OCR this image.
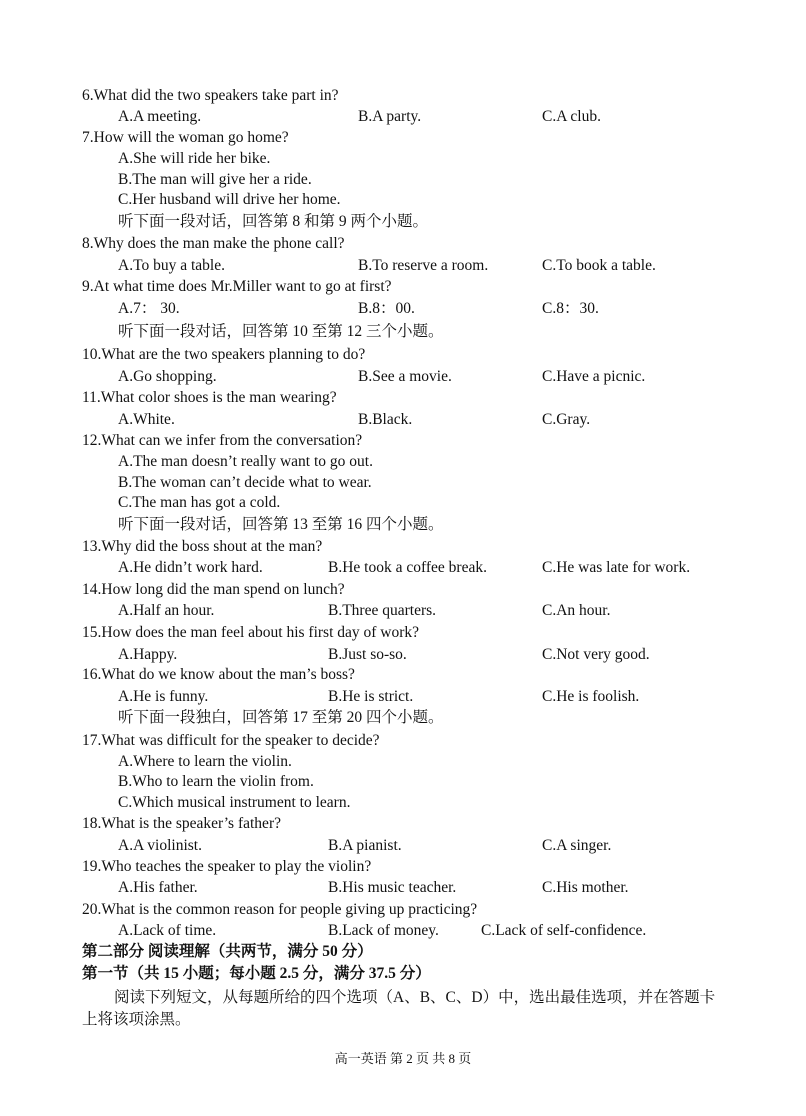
6.What did the two speakers take part in?
A.A meeting.	B.A party.	C.A club.
7.How will the woman go home?
A.She will ride her bike.
B.The man will give her a ride.
C.Her husband will drive her home.
听下面一段对话，回答第 8 和第 9 两个小题。
8.Why does the man make the phone call?
A.To buy a table.	B.To reserve a room.	C.To book a table.
9.At what time does Mr.Miller want to go at first?
A.7： 30.	B.8：00.	C.8：30.
听下面一段对话，回答第 10 至第 12 三个小题。
10.What are the two speakers planning to do?
A.Go shopping.	B.See a movie.	C.Have a picnic.
11.What color shoes is the man wearing?
A.White.	B.Black.	C.Gray.
12.What can we infer from the conversation?
A.The man doesn’t really want to go out.
B.The woman can’t decide what to wear.
C.The man has got a cold.
听下面一段对话，回答第 13 至第 16 四个小题。
13.Why did the boss shout at the man?
A.He didn’t work hard.	B.He took a coffee break.	C.He was late for work.
14.How long did the man spend on lunch?
A.Half an hour.	B.Three quarters.	C.An hour.
15.How does the man feel about his first day of work?
A.Happy.	B.Just so-so.	C.Not very good.
16.What do we know about the man’s boss?
A.He is funny.	B.He is strict.	C.He is foolish.
听下面一段独白，回答第 17 至第 20 四个小题。
17.What was difficult for the speaker to decide?
A.Where to learn the violin.
B.Who to learn the violin from.
C.Which musical instrument to learn.
18.What is the speaker’s father?
A.A violinist.	B.A pianist.	C.A singer.
19.Who teaches the speaker to play the violin?
A.His father.	B.His music teacher.	C.His mother.
20.What is the common reason for people giving up practicing?
A.Lack of time.	B.Lack of money.	C.Lack of self-confidence.
第二部分 阅读理解（共两节，满分 50 分）
第一节（共 15 小题；每小题 2.5 分，满分 37.5 分）
阅读下列短文，从每题所给的四个选项（A、B、C、D）中，选出最佳选项，并在答题卡上将该项涂黑。
高一英语 第 2 页 共 8 页
